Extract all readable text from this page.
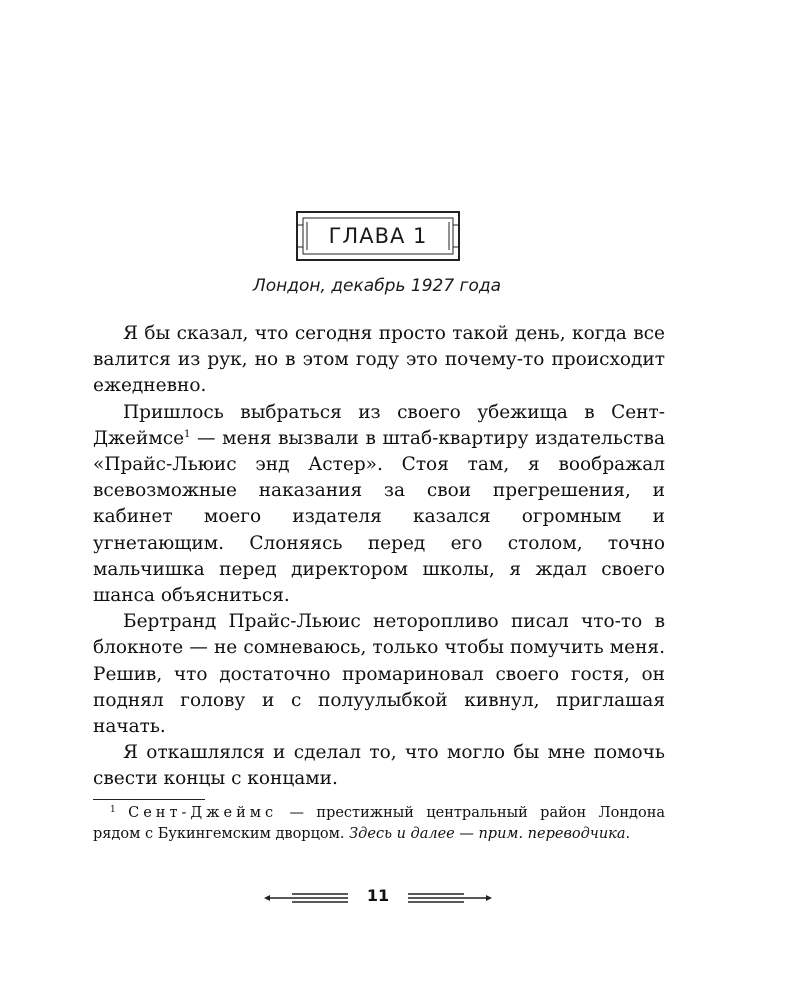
ГЛАВА 1
Лондон, декабрь 1927 года

Я бы сказал, что сегодня просто такой день, когда все валится из рук, но в этом году это почему-то происходит ежедневно.

Пришлось выбраться из своего убежища в Сент-Джеймсе$^1$ — меня вызвали в штаб-квартиру издательства «Прайс-Льюис энд Астер». Стоя там, я воображал всевозможные наказания за свои прегрешения, и кабинет моего издателя казался огромным и угнетающим. Слоняясь перед его столом, точно мальчишка перед директором школы, я ждал своего шанса объясниться.

Бертранд Прайс-Льюис неторопливо писал что-то в блокноте — не сомневаюсь, только чтобы помучить меня. Решив, что достаточно промариновал своего гостя, он поднял голову и с полуулыбкой кивнул, приглашая начать.

Я откашлялся и сделал то, что могло бы мне помочь свести концы с концами.

$^1$ Сент-Джеймс — престижный центральный район Лондона рядом с Букингемским дворцом. Здесь и далее — прим. переводчика.
11
